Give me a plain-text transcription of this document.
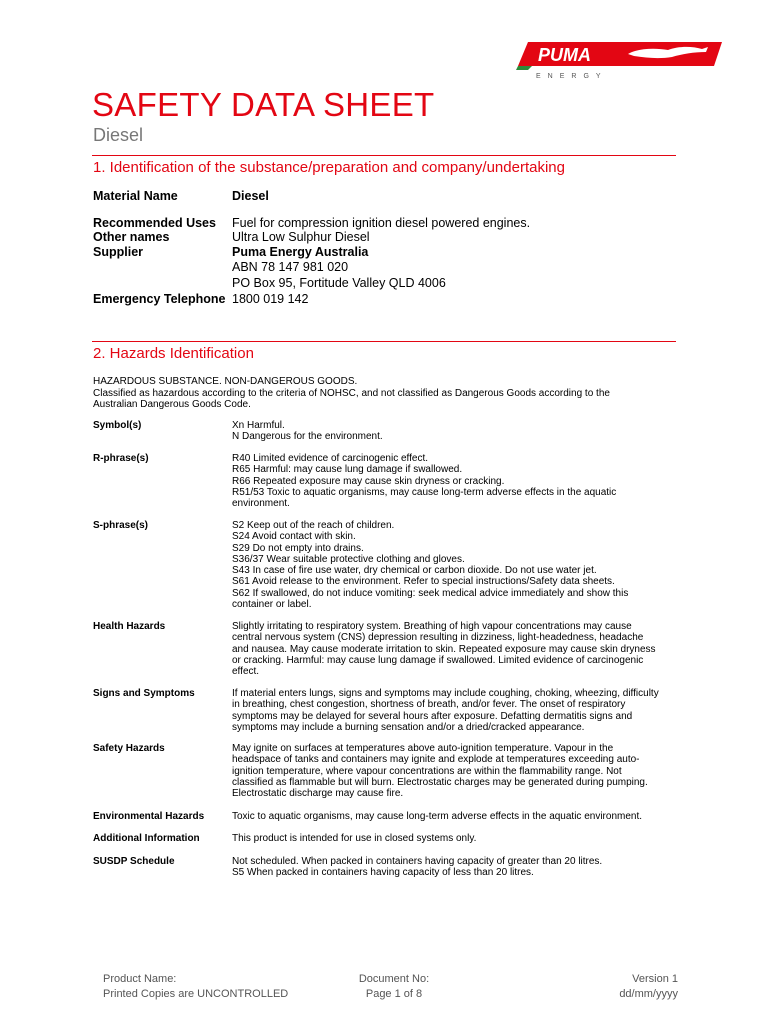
PUMA
ENERGY
SAFETY DATA SHEET
Diesel
1. Identification of the substance/preparation and company/undertaking
Material Name	Diesel
Recommended Uses	Fuel for compression ignition diesel powered engines.
Other names	Ultra Low Sulphur Diesel
Supplier	Puma Energy Australia
ABN 78 147 981 020
PO Box 95, Fortitude Valley QLD 4006
Emergency Telephone 1800 019 142
2. Hazards Identification
HAZARDOUS SUBSTANCE. NON-DANGEROUS GOODS.
Classified as hazardous according to the criteria of NOHSC, and not classified as Dangerous Goods according to the
Australian Dangerous Goods Code.
Symbol(s)	Xn Harmful.
N Dangerous for the environment.
R-phrase(s)	R40 Limited evidence of carcinogenic effect.
R65 Harmful: may cause lung damage if swallowed.
R66 Repeated exposure may cause skin dryness or cracking.
R51/53 Toxic to aquatic organisms, may cause long-term adverse effects in the aquatic
environment.
S-phrase(s)	S2 Keep out of the reach of children.
S24 Avoid contact with skin.
S29 Do not empty into drains.
S36/37 Wear suitable protective clothing and gloves.
S43 In case of fire use water, dry chemical or carbon dioxide. Do not use water jet.
S61 Avoid release to the environment. Refer to special instructions/Safety data sheets.
S62 If swallowed, do not induce vomiting: seek medical advice immediately and show this
container or label.
Health Hazards	Slightly irritating to respiratory system. Breathing of high vapour concentrations may cause
central nervous system (CNS) depression resulting in dizziness, light-headedness, headache
and nausea. May cause moderate irritation to skin. Repeated exposure may cause skin dryness
or cracking. Harmful: may cause lung damage if swallowed. Limited evidence of carcinogenic
effect.
Signs and Symptoms	If material enters lungs, signs and symptoms may include coughing, choking, wheezing, difficulty
in breathing, chest congestion, shortness of breath, and/or fever. The onset of respiratory
symptoms may be delayed for several hours after exposure. Defatting dermatitis signs and
symptoms may include a burning sensation and/or a dried/cracked appearance.
Safety Hazards	May ignite on surfaces at temperatures above auto-ignition temperature. Vapour in the
headspace of tanks and containers may ignite and explode at temperatures exceeding auto-
ignition temperature, where vapour concentrations are within the flammability range. Not
classified as flammable but will burn. Electrostatic charges may be generated during pumping.
Electrostatic discharge may cause fire.
Environmental Hazards	Toxic to aquatic organisms, may cause long-term adverse effects in the aquatic environment.
Additional Information	This product is intended for use in closed systems only.
SUSDP Schedule	Not scheduled. When packed in containers having capacity of greater than 20 litres.
S5 When packed in containers having capacity of less than 20 litres.
Product Name:
Printed Copies are UNCONTROLLED
Document No:
Page 1 of 8
Version 1
dd/mm/yyyy
